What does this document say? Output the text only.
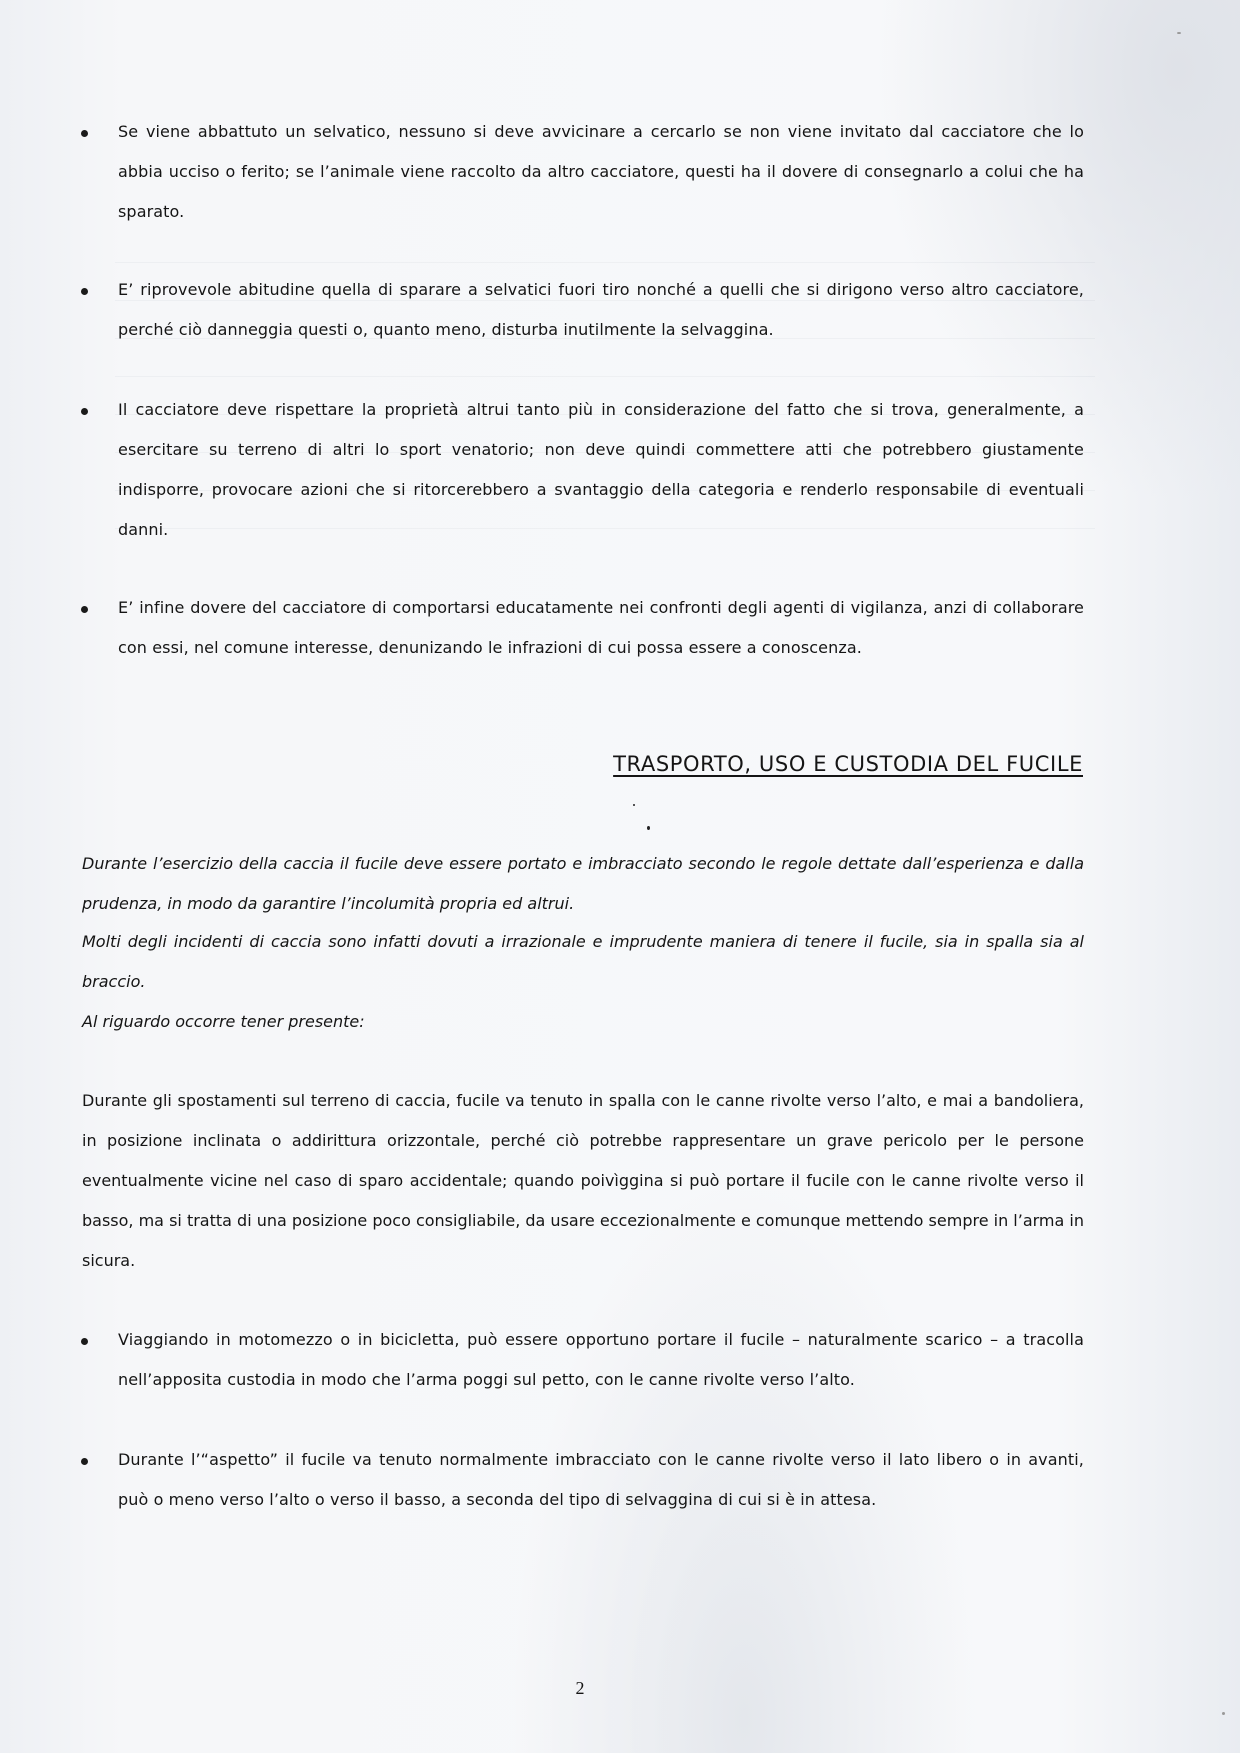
Se viene abbattuto un selvatico, nessuno si deve avvicinare a cercarlo se non viene invitato dal cacciatore che lo abbia ucciso o ferito; se l’animale viene raccolto da altro cacciatore, questi ha il dovere di consegnarlo a colui che ha sparato.
E’ riprovevole abitudine quella di sparare a selvatici fuori tiro nonché a quelli che si dirigono verso altro cacciatore, perché ciò danneggia questi o, quanto meno, disturba inutilmente la selvaggina.
Il cacciatore deve rispettare la proprietà altrui tanto più in considerazione del fatto che si trova, generalmente, a esercitare su terreno di altri lo sport venatorio; non deve quindi commettere atti che potrebbero giustamente indisporre, provocare azioni che si ritorcerebbero a svantaggio della categoria e renderlo responsabile di eventuali danni.
E’ infine dovere del cacciatore di comportarsi educatamente nei confronti degli agenti di vigilanza, anzi di collaborare con essi, nel comune interesse, denunizando le infrazioni di cui possa essere a conoscenza.
TRASPORTO, USO E CUSTODIA DEL FUCILE
Durante l’esercizio della caccia il fucile deve essere portato e imbracciato secondo le regole dettate dall’esperienza e dalla prudenza, in modo da garantire l’incolumità propria ed altrui.
Molti degli incidenti di caccia sono infatti dovuti a irrazionale e imprudente maniera di tenere il fucile, sia in spalla sia al braccio.
Al riguardo occorre tener presente:
Durante gli spostamenti sul terreno di caccia, fucile va tenuto in spalla con le canne rivolte verso l’alto, e mai a bandoliera, in posizione inclinata o addirittura orizzontale, perché ciò potrebbe rappresentare un grave pericolo per le persone eventualmente vicine nel caso di sparo accidentale; quando poivìggina si può portare il fucile con le canne rivolte verso il basso, ma si tratta di una posizione poco consigliabile, da usare eccezionalmente e comunque mettendo sempre in l’arma in sicura.
Viaggiando in motomezzo o in bicicletta, può essere opportuno portare il fucile – naturalmente scarico – a tracolla nell’apposita custodia in modo che l’arma poggi sul petto, con le canne rivolte verso l’alto.
Durante l’“aspetto” il fucile va tenuto normalmente imbracciato con le canne rivolte verso il lato libero o in avanti, può o meno verso l’alto o verso il basso, a seconda del tipo di selvaggina di cui si è in attesa.
2
